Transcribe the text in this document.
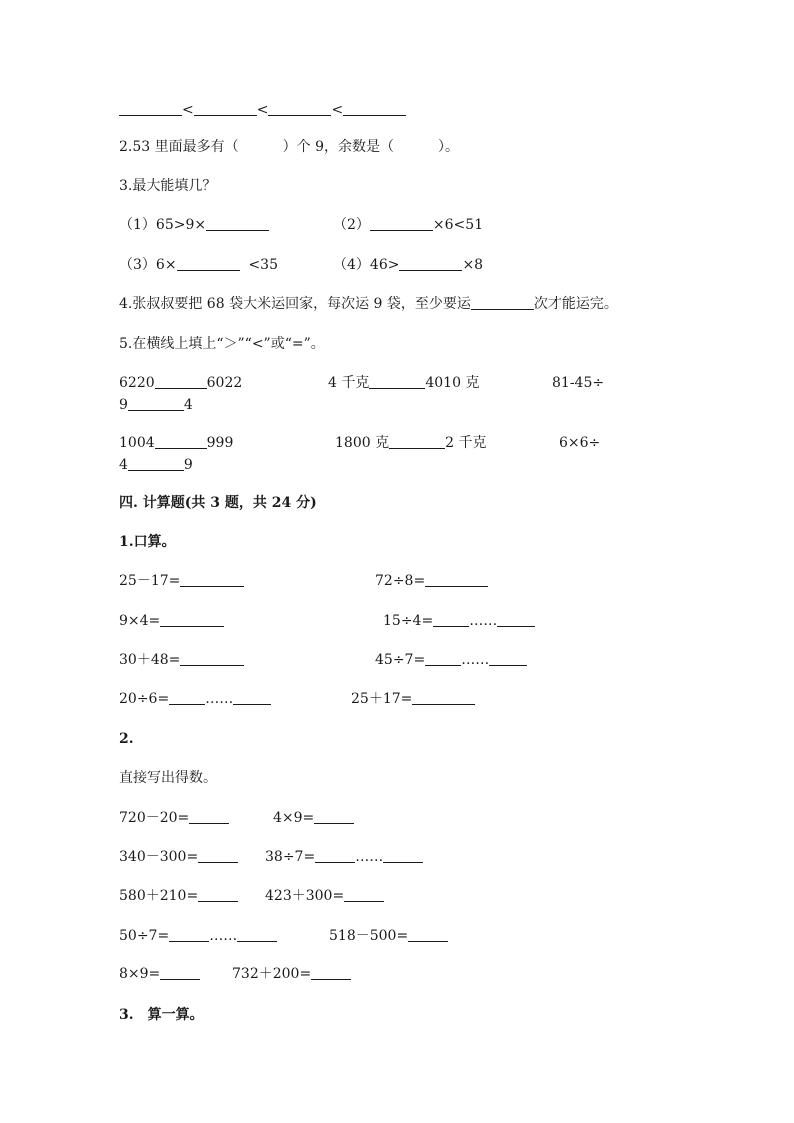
<	<	<
2.53 里面最多有（	）个 9，余数是（	）。
3.最大能填几？
（1）65>9×	（2）	×6<51
（3）6×	<35	（4）46>	×8
4.张叔叔要把 68 袋大米运回家，每次运 9 袋，至少要运	次才能运完。
5.在横线上填上“＞”“<”或“=”。
6220	6022	4 千克	4010 克	81-45÷
9	4
1004	999	1800 克	2 千克	6×6÷
4	9
四. 计算题(共 3 题，共 24 分)
1.口算。
25－17=	72÷8=
9×4=	15÷4=	……
30＋48=	45÷7=	……
20÷6=	……	25＋17=
2.
直接写出得数。
720－20=	4×9=
340－300=	38÷7=	……
580＋210=	423＋300=
50÷7=	……	518－500=
8×9=	732＋200=
3.　算一算。
